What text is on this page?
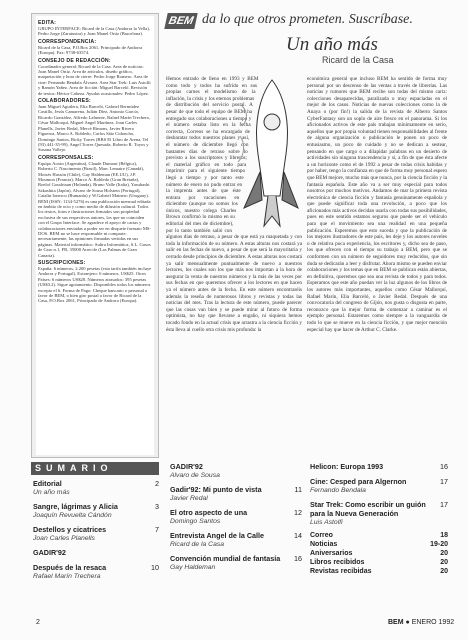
EDITA:
GRUPO INTERFACE: Ricard de la Casa (Andorra la Vella), Pedro Jorge (Zaratustra) y Joan Manel Ortiz (Barcelona).
CORRESPONDENCIA:
Ricard de la Casa, P.O.Box 2061, Principado de Andorra (Europa). Fax: 9738-63574.
CONSEJO DE REDACCIÓN:
Coordinador general: Ricard de la Casa. Area de noticias: Joan Manel Ortiz. Area de artículos, diseño gráfico, maquetación y hora de cierre: Pedro Jorge Romero. Area de cine: Fernando Bendala Álvarez. Area Star Trek: Luis Astolfi y Ramón Yañez. Area de ficción: Miguel Barceló. Revisión de textos: Héctor Cabeza. Ayudas ocasionales: Pedro López.
COLABORADORES:
Juan Miguel Aguilera, Elia Barceló, Gabriel Bermúdez Castillo, Jesús Camarena, Julián Díez, Antonio García, Ricardo González, Alfredo Lafuente, Rafael Marín Trechera, César Mallorquí, Miguel Angel Martínez, Joan Carles Planells, Javier Redal, Mercè Rimons, Javier Rivero Figueroa, Marco A. Robledo, Carlos Sáiz Cidoncha, Domingo Santos, Ricky Torres (BBS El Libro de Arena, Tel (93) 441-35-99), Angel Torres Quesada, Roberto R. Toyos y Susana Vallejo.
CORRESPONSALES:
Equipo Aoxin (Argentina), Claude Dumont (Bélgica), Roberto C. Nascimento (Brasil), Marc Lemaire (Canadá), Moisés Hassón (Chile), Gay Haldeman (EE.UU), J.P. Moumon (Francia), Marco A. Robledo (Gran Bretaña), Roelof Goudriaan (Holanda), Bruno Valle (Italia), Yasuhashi Sakashita (Japón), Alvaro de Sousa Holstein (Portugal), Catalin Ionescu (Rumanía) y W.Gabriel Mainero (Uruguay).
BEM (ISSN: 1134-5276) es una publicación mensual editada en ámbito de ocio y como medio de difusión cultural. Todos los textos, fotos e ilustraciones firmados son propiedad exclusiva de sus respectivos autores, los que no coinciden con el Grupo Interface. Se agradece el apoyo de cartas y colaboraciones enviadas a poder ser en disquete formato MS-DOS. BEM no se hace responsable ni comparte, necesariamente, las opiniones firmadas vertidas en sus páginas. Material informático: Sultra Informática, S.L. Gasos de Caro n.1, FB, 35000 Arrecife (Las Palmas de Gran Canaria).
SUSCRIPCIONES:
España: 6 números, 2.200 pesetas (esta tarifa también incluye Andorra y Portugal). Extranjero: 6 números, US$25. Otros Países: 6 números US$28. Números atrasados: 395 pesetas (US$3.2). Sigue agotamiento. Disponibles todos los números excepto el 6. Forma de Pago: Cheque bancario o personal a favor de BEM, o bien giro postal a favor de Ricard de la Casa, P.O.Box 2061, Principado de Andorra (Europa).
BEM da lo que otros prometen. Suscríbase.
Un año más
Ricard de la Casa
Hemos entrado de lleno en 1993 y BEM como todo y todos ha sufrido en sus propias carnes el modelismo de la inflación, la crisis y los eternos problemas de distribución del servicio postal. A pesar de que todo el equipo de BEM ha entregado sus colaboraciones a tiempo y el número estaba listo en la fecha correcta, Correos se ha encargado de desbaratar todos nuestros planes y así, el número de diciembre llegó con bastantes días de retraso sobre lo previsto a los suscriptores y libreros; el material gráfico en todo para imprimir para el siguiente tiempo llegó a tiempo y por tanto este número de enero no pudo entrar en la imprenta antes de que éste entrara por vacaciones en diciembre (aunque no somos los únicos, nuestro colega Charles Brown confirmó lo mismo en su editorial del mes de diciembre), por lo tanto también salió con algunos días de retraso, a pesar de que está ya maquetada y con toda la información de su número. A estas alturas nos costará ya salir en las fechas de nuevo, a pesar de que será la mayoritaria y cerrado desde principios de diciembre. A estas alturas nos costará ya salir mensualmente puntualmente de nuevo a nuestros lectores, los cuales son los que más nos importan a la hora de asegurar la venta de nuestros números y la más de las veces por sus fechas en que queremos ofrecer a los lectores en que hacen ya el número antes de la fecha. En este número encontraréis además la reseña de numerosos libros y revistas y todas las noticias del mes. Tras la lectura de este número, puede parecer que las cosas van bien y se puede mirar al futuro de forma optimista, no hay que llevarse a engaño, ni siquiera hemos tocado fondo en la actual crisis que arrastra a la ciencia ficción y ésta lleva al cuello otra crisis mis profunda: la
económica general que incluso BEM ha sentido de forma muy personal por un descenso de las ventas a través de librerías. Las noticias y rumores que BEM recibe son todas del mismo cariz: colecciones desaparecidas, paralizada o muy espaciadas en el mejor de los casos. Noticias de nuevas colecciones como la de Anaya o (por fin!) la salida de la revista de Alberto Santos CyberFantasy son un soplo de aire fresco en el panorama. Si los aficionados activos de este país trabajan mínimamente en serio, aquellos que por propia voluntad tienen responsabilidades al frente de alguna organización o publicación le ponen un poco de entusiasmo, un poco de cuidado y no se dedican a sestear, pensando en que cargo o a dilapidar palabras en un desierto de actividades sin ninguna trascendencia y sí, a fin de que ésta afecte a un horizonte como el de 1992 a pesar de todas crisis habidas y por haber, tengo la confianza en que de forma muy personal espero que BEM mejore, mucho más que nunca, por la ciencia ficción y la fantasía española. Este año va a ser muy especial para todos nosotros por muchos motivos. Andamos de mar la primera revista electrónica de ciencia ficción y fantasía genuinamente española y que puede significar toda una revolución, a poco que los aficionados más activos decidan usarla con todas sus posibilidades, pues en este sentido estamos seguros que puede ser el vehículo para que el movimiento sea una realidad en una pequeña publicación. Esperemos que esto suceda y que la publicación de los mejores ilustradores de este país, les deje y los autores noveles o de relativa poca experiencia, los escritores y, dicho sea de paso, los que ofrecen con el tiempo su trabajo a BEM, pero que se conformen con un número de seguidores muy reducidos, que sin duda se dedicarán a leer y disfrutar. Ahora mismo se pueden enviar colaboraciones y los temas que en BEM se publican están abiertas, en definitiva, queremos que sea una revista de todos y para todos. Esperamos que este año puedan ver la luz algunos de los libros de los autores más importantes, aquellos como César Mallorquí, Rafael Marín, Elia Barceló, o Javier Redal. Después de una convocatoria del congreso de Gijón, nos gusta o disgusta en parte, reconozco que la mejor forma de comenzar a caminar es el ejemplo personal. Estaremos como siempre a la vanguardia de todo lo que se mueve en la ciencia ficción, y que mejor mención especial hay que hacer de Arthur C. Clarke.
SUMARIO
Editorial	2
Un año más
Sangre, lágrimas y Alicia	3
Joaquín Revuelta Cándón
Destellos y cicatrices	7
Joan Carles Planells
GADIR'92
Después de la resaca	10
Rafael Marín Trechera
GADIR'92
Alvaro de Sousa
Gadir'92: Mi punto de vista	11
Javier Redal
El otro aspecto de una	12
Domingo Santos
Entrevista Angel de la Calle	14
Ricard de la Casa
Convención mundial de fantasía 16
Gay Haldeman
Helicon: Europa 1993	16
Cine: Cesped para Algernon	17
Fernando Bendala
Star Trek: Como escribir un guión para la Nueva Generación
17
Luis Astolfi
Correo	18
Noticias	19-20
Aniversarios	20
Libros recibidos	20
Revistas recibidas	20
2	BEM ● ENERO 1992
